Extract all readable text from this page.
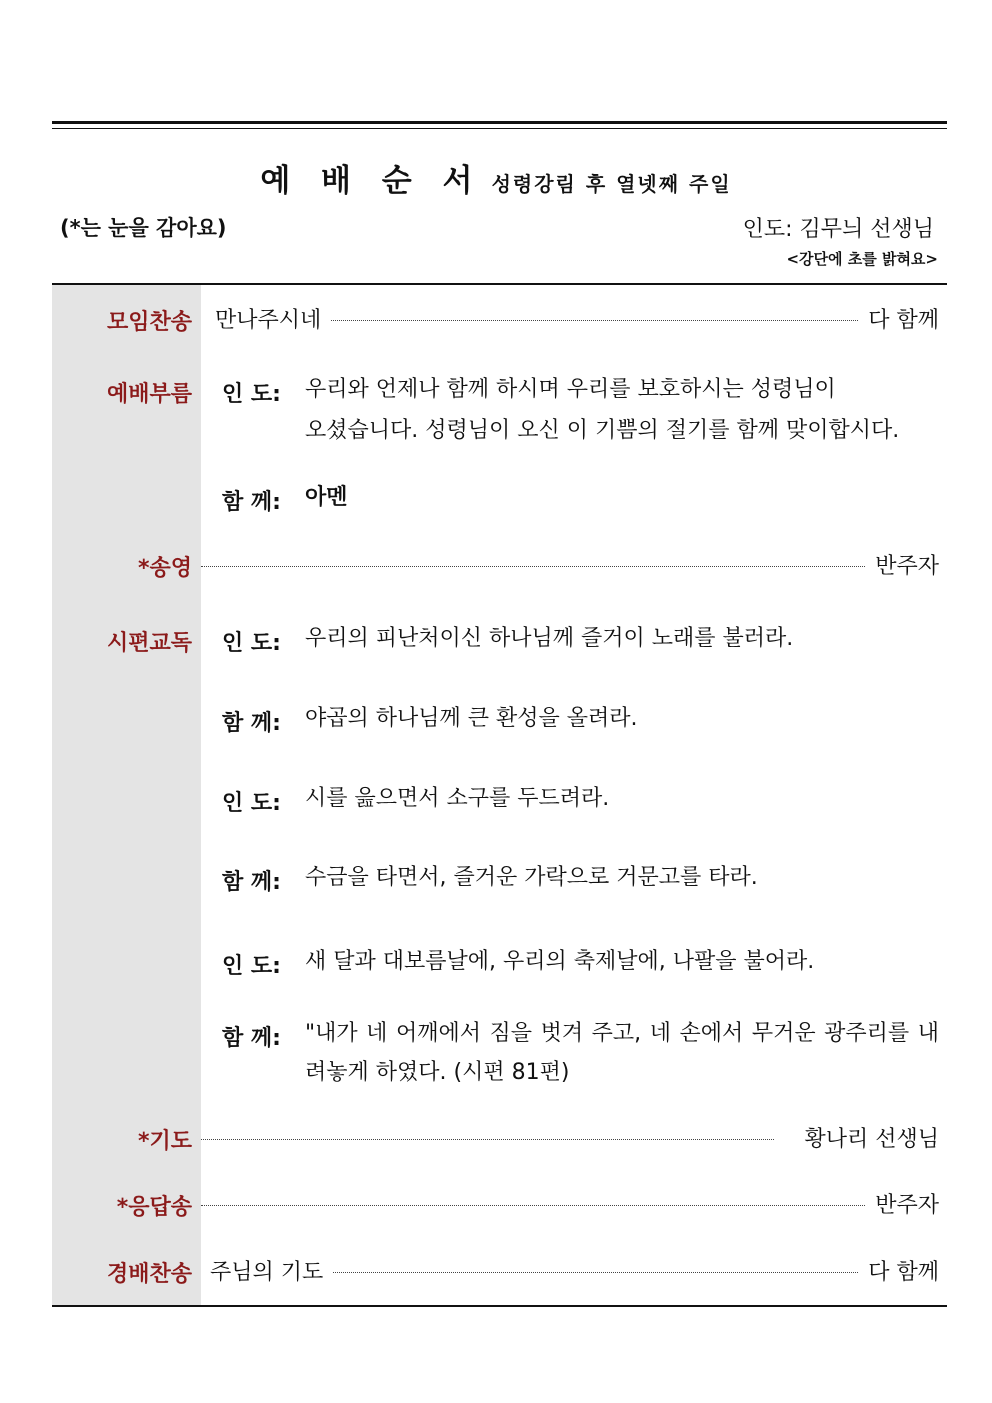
예 배 순 서 성령강림 후 열넷째 주일
(*는 눈을 감아요)	인도: 김무늬 선생님
<강단에 초를 밝혀요>
모임찬송	만나주시네	다 함께
예배부름 인 도: 우리와 언제나 함께 하시며 우리를 보호하시는 성령님이
오셨습니다. 성령님이 오신 이 기쁨의 절기를 함께 맞이합시다.
함 께: 아멘
*송영	반주자
시편교독 인 도: 우리의 피난처이신 하나님께 즐거이 노래를 불러라.
함 께: 야곱의 하나님께 큰 환성을 올려라.
인 도: 시를 읊으면서 소구를 두드려라.
함 께: 수금을 타면서, 즐거운 가락으로 거문고를 타라.
인 도: 새 달과 대보름날에, 우리의 축제날에, 나팔을 불어라.
함 께: "내가 네 어깨에서 짐을 벗겨 주고, 네 손에서 무거운 광주리를 내려놓게 하였다. (시편 81편)
*기도	황나리 선생님
*응답송	반주자
경배찬송 주님의 기도	다 함께
